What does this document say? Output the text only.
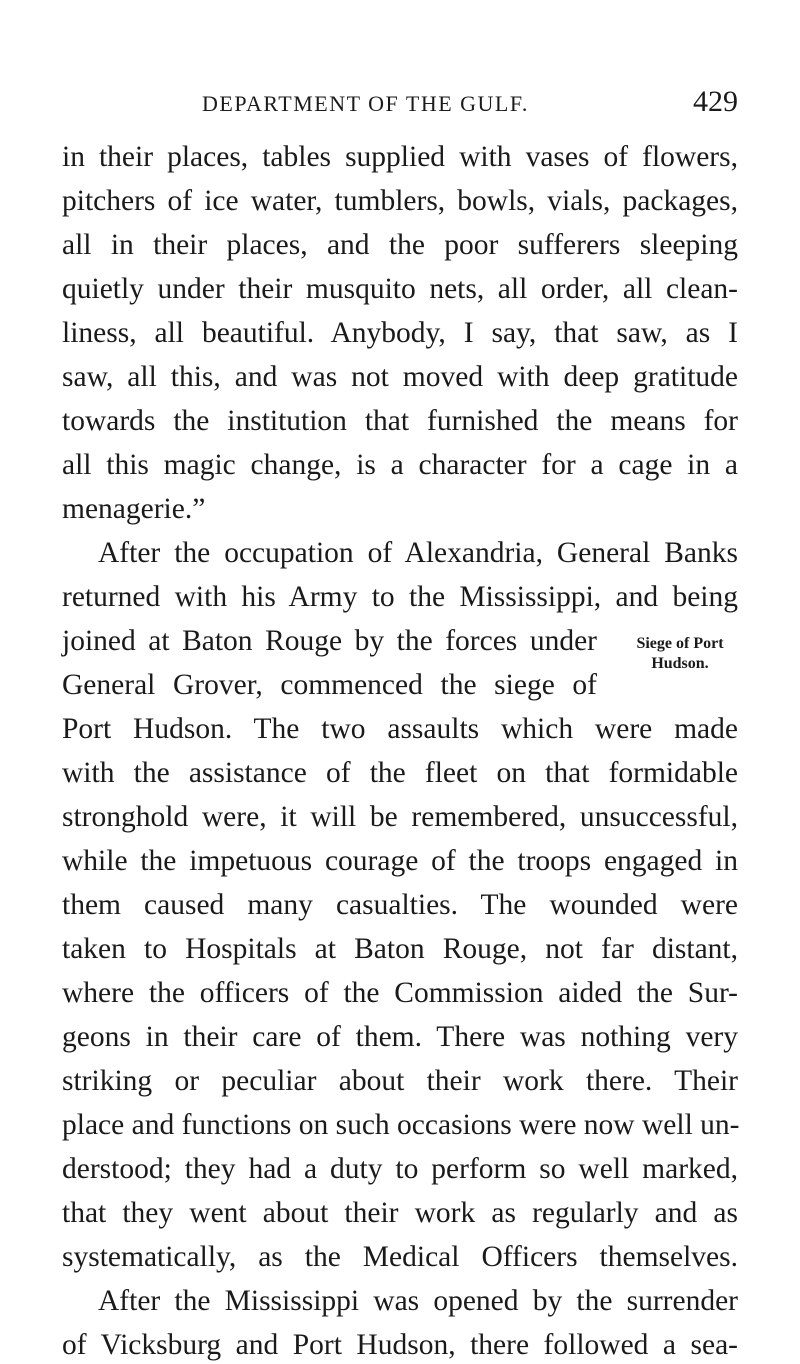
DEPARTMENT OF THE GULF.	429
in their places, tables supplied with vases of flowers,
pitchers of ice water, tumblers, bowls, vials, packages,
all in their places, and the poor sufferers sleeping
quietly under their musquito nets, all order, all clean-
liness, all beautiful. Anybody, I say, that saw, as I
saw, all this, and was not moved with deep gratitude
towards the institution that furnished the means for
all this magic change, is a character for a cage in a
menagerie.”
After the occupation of Alexandria, General Banks
returned with his Army to the Mississippi, and being
joined at Baton Rouge by the forces under
General Grover, commenced the siege of
Port Hudson. The two assaults which were made
with the assistance of the fleet on that formidable
stronghold were, it will be remembered, unsuccessful,
while the impetuous courage of the troops engaged in
them caused many casualties. The wounded were
taken to Hospitals at Baton Rouge, not far distant,
where the officers of the Commission aided the Sur-
geons in their care of them. There was nothing very
striking or peculiar about their work there. Their
place and functions on such occasions were now well un-
derstood; they had a duty to perform so well marked,
that they went about their work as regularly and as
systematically, as the Medical Officers themselves.
After the Mississippi was opened by the surrender
of Vicksburg and Port Hudson, there followed a sea-
Siege of Port
Hudson.
